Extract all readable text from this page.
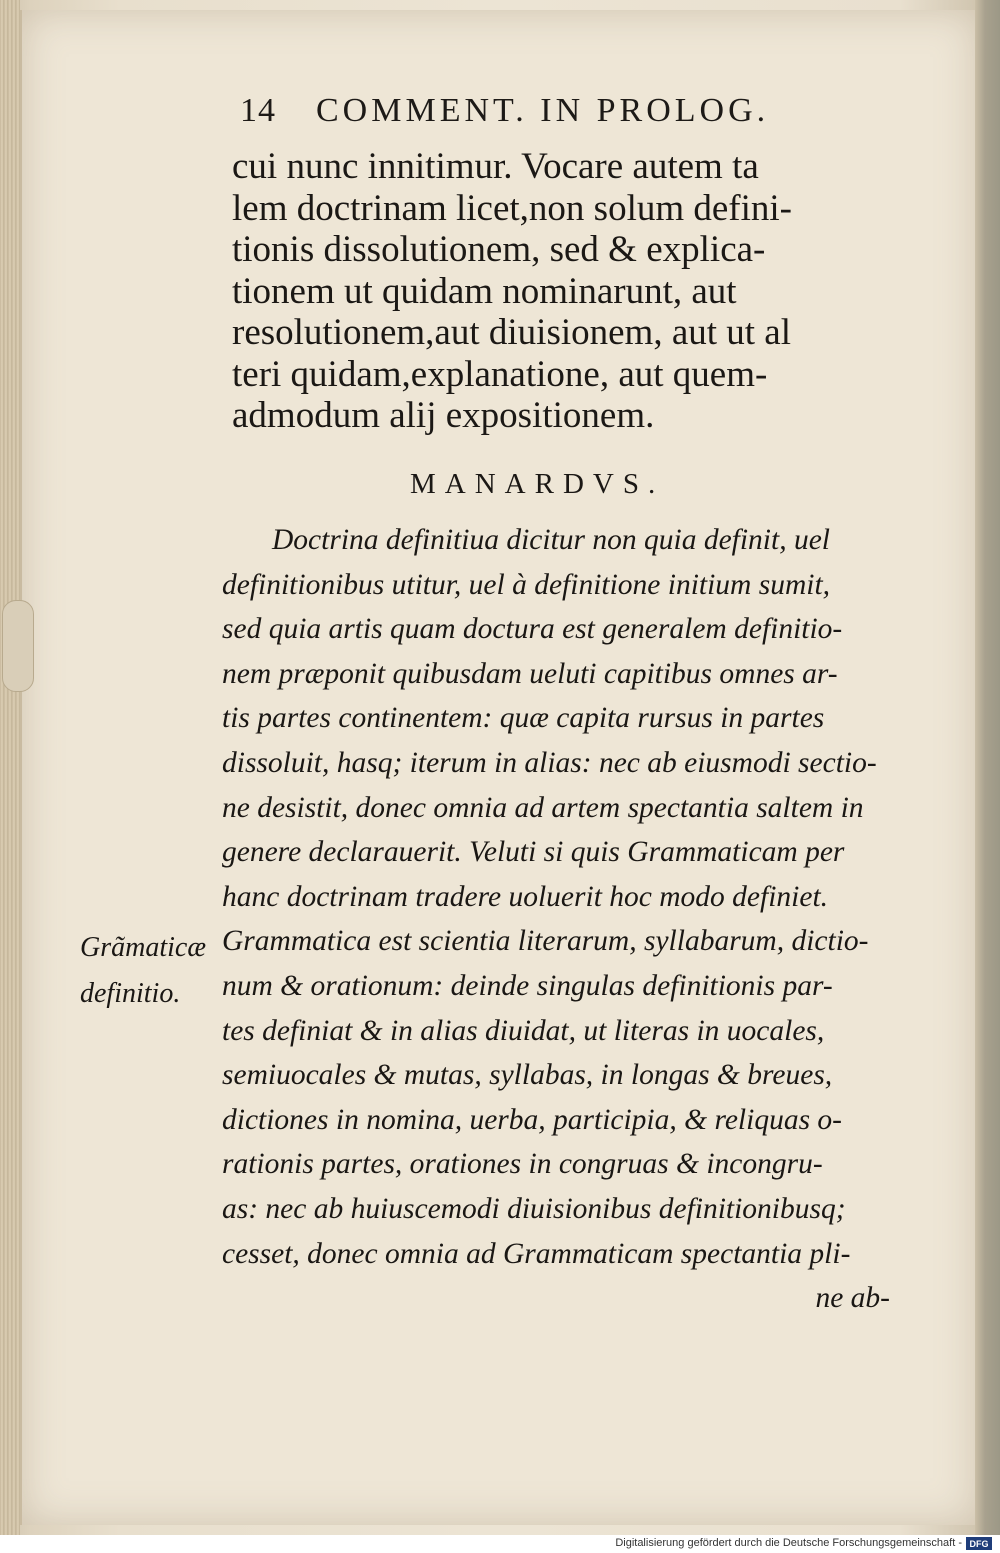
14 COMMENT. IN PROLOG.
cui nunc innitimur. Vocare autem ta
lem doctrinam licet,non solum defini-
tionis dissolutionem, sed & explica-
tionem ut quidam nominarunt, aut
resolutionem,aut diuisionem, aut ut al
teri quidam,explanatione, aut quem-
admodum alij expositionem.
MANARDVS.
Doctrina definitiua dicitur non quia definit, uel
definitionibus utitur, uel à definitione initium sumit,
sed quia artis quam doctura est generalem definitio-
nem præponit quibusdam ueluti capitibus omnes ar-
tis partes continentem: quæ capita rursus in partes
dissoluit, hasq; iterum in alias: nec ab eiusmodi sectio-
ne desistit, donec omnia ad artem spectantia saltem in
genere declarauerit. Veluti si quis Grammaticam per
hanc doctrinam tradere uoluerit hoc modo definiet.
Grammatica est scientia literarum, syllabarum, dictio-
num & orationum: deinde singulas definitionis par-
tes definiat & in alias diuidat, ut literas in uocales,
semiuocales & mutas, syllabas, in longas & breues,
dictiones in nomina, uerba, participia, & reliquas o-
rationis partes, orationes in congruas & incongru-
as: nec ab huiuscemodi diuisionibus definitionibusq;
cesset, donec omnia ad Grammaticam spectantia pli-
ne ab-
Grãmaticæ
definitio.
Digitalisierung gefördert durch die Deutsche Forschungsgemeinschaft - DFG
